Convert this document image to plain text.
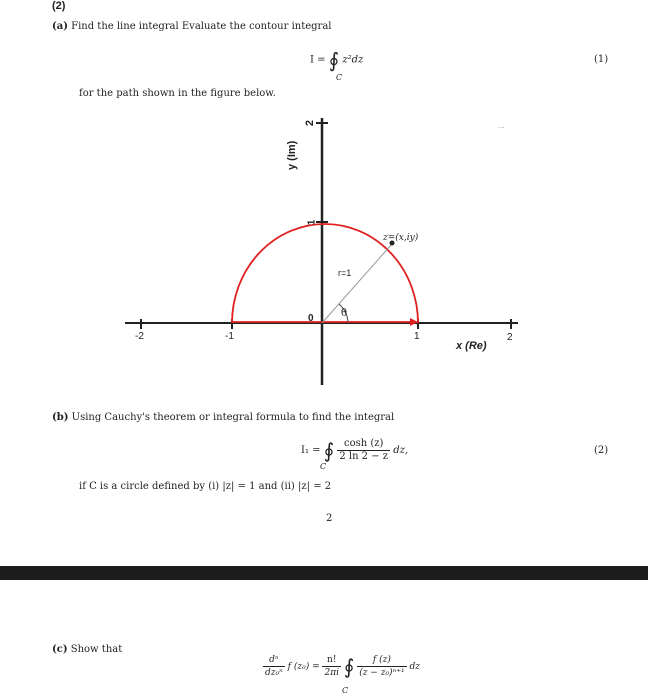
(2)
(a) Find the line integral Evaluate the contour integral
I = ∮ z²dz
C
(1)
for the path shown in the figure below.
y (Im)
2
1
...
-2	-1
0
1	2
x (Re)
z=(x,iy)
r=1
θ
(b) Using Cauchy's theorem or integral formula to find the integral
I₁ = ∮ $\frac{\cosh (z)}{2 \ln 2 - z}$ dz,
C
(2)
if C is a circle defined by (i) |z| = 1 and (ii) |z| = 2
2
(c) Show that
$\frac{\text{dⁿ}}{\text{dz₀ⁿ}}$ f $(z_0) = \frac{n!}{2\pi i}$ ∮ $\frac{f (z)}{\text{(z − z₀)ⁿ⁺¹}}$ dz
C
